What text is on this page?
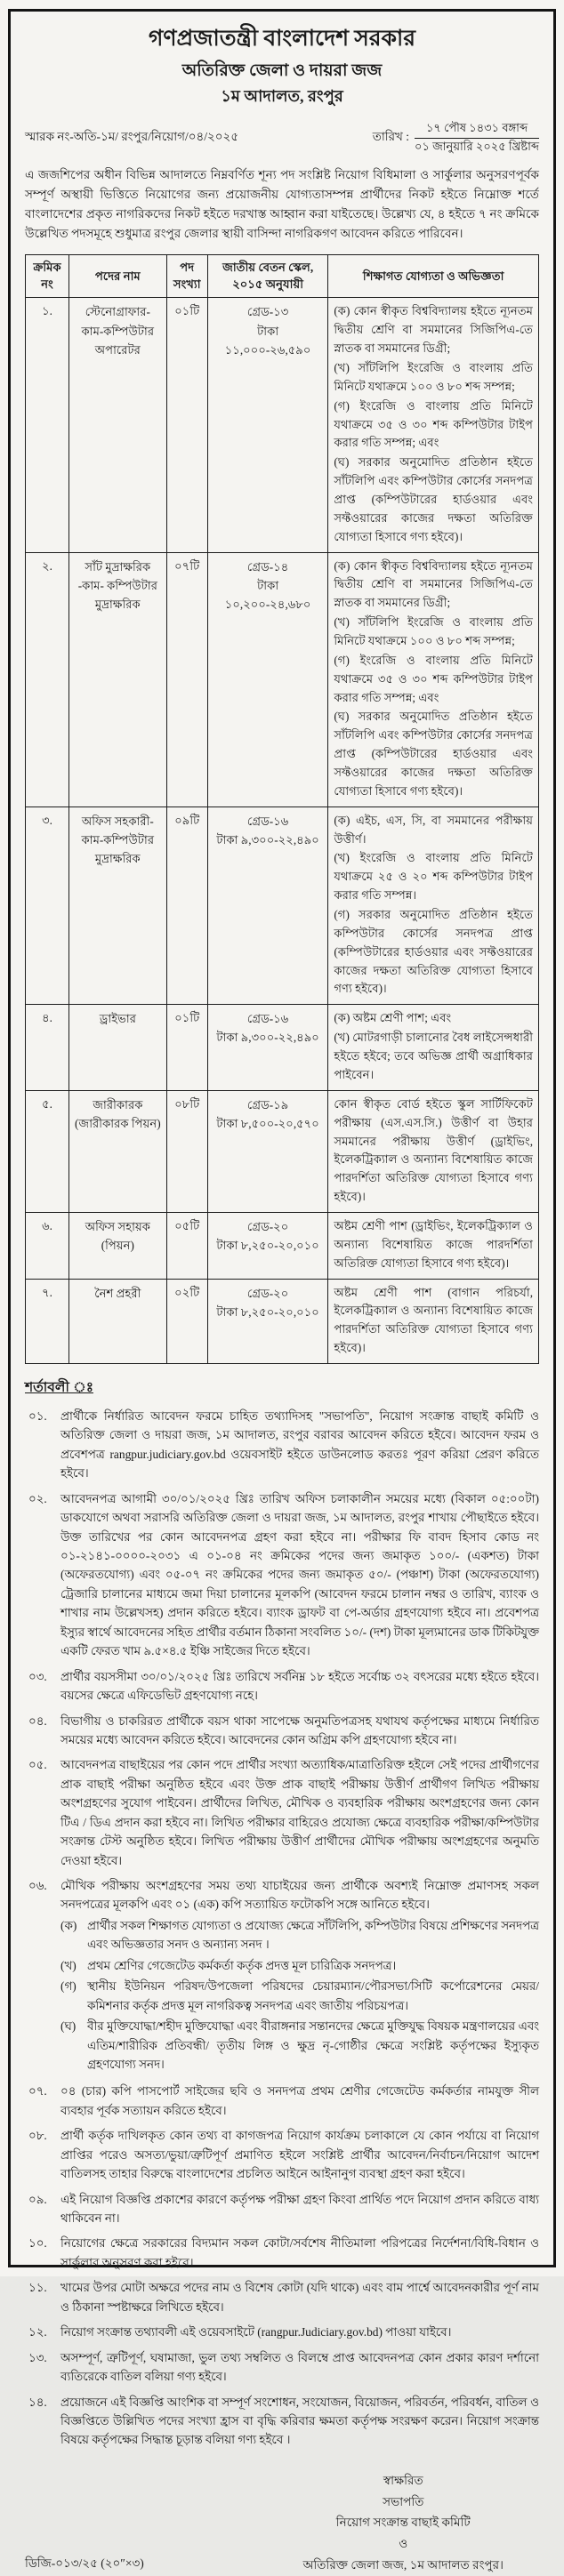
গণপ্রজাতন্ত্রী বাংলাদেশ সরকার
অতিরিক্ত জেলা ও দায়রা জজ
১ম আদালত, রংপুর
স্মারক নং-অতি-১ম/ রংপুর/নিয়োগ/০৪/২০২৫	তারিখ : $\frac{\text{১৭ পৌষ ১৪৩১ বঙ্গাব্দ}}{\text{০১ জানুয়ারি ২০২৫ খ্রিষ্টাব্দ}}$

এ জজশিপের অধীন বিভিন্ন আদালতে নিম্নবর্ণিত শূন্য পদ সংশ্লিষ্ট নিয়োগ বিধিমালা ও সার্কুলার অনুসরণপূর্বক সম্পূর্ণ অস্থায়ী ভিত্তিতে নিয়োগের জন্য প্রয়োজনীয় যোগ্যতাসম্পন্ন প্রার্থীদের নিকট হইতে নিম্নোক্ত শর্তে বাংলাদেশের প্রকৃত নাগরিকদের নিকট হইতে দরখাস্ত আহ্বান করা যাইতেছে। উল্লেখ্য যে, ৪ হইতে ৭ নং ক্রমিকে উল্লেখিত পদসমূহে শুধুমাত্র রংপুর জেলার স্থায়ী বাসিন্দা নাগরিকগণ আবেদন করিতে পারিবেন।

ক্রমিক নং	পদের নাম	পদ সংখ্যা	জাতীয় বেতন স্কেল, ২০১৫ অনুযায়ী	শিক্ষাগত যোগ্যতা ও অভিজ্ঞতা
১.	স্টেনোগ্রাফার-কাম-কম্পিউটার অপারেটর	০১টি	গ্রেড-১৩
টাকা ১১,০০০-২৬,৫৯০

(ক) কোন স্বীকৃত বিশ্ববিদ্যালয় হইতে ন্যূনতম দ্বিতীয় শ্রেণি বা সমমানের সিজিপিএ-তে স্নাতক বা সমমানের ডিগ্রী;
(খ) সাঁটলিপি ইংরেজি ও বাংলায় প্রতি মিনিটে যথাক্রমে ১০০ ও ৮০ শব্দ সম্পন্ন;
(গ) ইংরেজি ও বাংলায় প্রতি মিনিটে যথাক্রমে ৩৫ ও ৩০ শব্দ কম্পিউটার টাইপ করার গতি সম্পন্ন; এবং
(ঘ) সরকার অনুমোদিত প্রতিষ্ঠান হইতে সাঁটলিপি এবং কম্পিউটার কোর্সের সনদপত্র প্রাপ্ত (কম্পিউটারের হার্ডওয়ার এবং সফ্টওয়ারের কাজের দক্ষতা অতিরিক্ত যোগ্যতা হিসাবে গণ্য হইবে)।

২.	সাঁট মুদ্রাক্ষরিক -কাম- কম্পিউটার মুদ্রাক্ষরিক	০৭টি	গ্রেড-১৪
টাকা ১০,২০০-২৪,৬৮০

(ক) কোন স্বীকৃত বিশ্ববিদ্যালয় হইতে ন্যূনতম দ্বিতীয় শ্রেণি বা সমমানের সিজিপিএ-তে স্নাতক বা সমমানের ডিগ্রী;
(খ) সাঁটলিপি ইংরেজি ও বাংলায় প্রতি মিনিটে যথাক্রমে ১০০ ও ৮০ শব্দ সম্পন্ন;
(গ) ইংরেজি ও বাংলায় প্রতি মিনিটে যথাক্রমে ৩৫ ও ৩০ শব্দ কম্পিউটার টাইপ করার গতি সম্পন্ন; এবং
(ঘ) সরকার অনুমোদিত প্রতিষ্ঠান হইতে সাঁটলিপি এবং কম্পিউটার কোর্সের সনদপত্র প্রাপ্ত (কম্পিউটারের হার্ডওয়ার এবং সফ্টওয়ারের কাজের দক্ষতা অতিরিক্ত যোগ্যতা হিসাবে গণ্য হইবে)।

৩.	অফিস সহকারী-কাম-কম্পিউটার মুদ্রাক্ষরিক	০৯টি	গ্রেড-১৬
টাকা ৯,৩০০-২২,৪৯০

(ক) এইচ, এস, সি, বা সমমানের পরীক্ষায় উত্তীর্ণ।
(খ) ইংরেজি ও বাংলায় প্রতি মিনিটে যথাক্রমে ২৫ ও ২০ শব্দ কম্পিউটার টাইপ করার গতি সম্পন্ন।
(গ) সরকার অনুমোদিত প্রতিষ্ঠান হইতে কম্পিউটার কোর্সের সনদপত্র প্রাপ্ত (কম্পিউটারের হার্ডওয়ার এবং সফ্টওয়ারের কাজের দক্ষতা অতিরিক্ত যোগ্যতা হিসাবে গণ্য হইবে)।

৪.	ড্রাইভার	০১টি	গ্রেড-১৬
টাকা ৯,৩০০-২২,৪৯০

(ক) অষ্টম শ্রেণী পাশ; এবং
(খ) মোটরগাড়ী চালানোর বৈধ লাইসেন্সধারী হইতে হইবে; তবে অভিজ্ঞ প্রার্থী অগ্রাধিকার পাইবেন।

৫.	জারীকারক (জারীকারক পিয়ন)	০৮টি	গ্রেড-১৯
টাকা ৮,৫০০-২০,৫৭০	কোন স্বীকৃত বোর্ড হইতে স্কুল সার্টিফিকেট পরীক্ষায় (এস.এস.সি.) উত্তীর্ণ বা উহার সমমানের পরীক্ষায় উত্তীর্ণ (ড্রাইভিং, ইলেকট্রিক্যাল ও অন্যান্য বিশেষায়িত কাজে পারদর্শিতা অতিরিক্ত যোগ্যতা হিসাবে গণ্য হইবে)।

৬.	অফিস সহায়ক (পিয়ন)	০৫টি	গ্রেড-২০
টাকা ৮,২৫০-২০,০১০	অষ্টম শ্রেণী পাশ (ড্রাইভিং, ইলেকট্রিক্যাল ও অন্যান্য বিশেষায়িত কাজে পারদর্শিতা অতিরিক্ত যোগ্যতা হিসাবে গণ্য হইবে)।

৭.	নৈশ প্রহরী	০২টি	গ্রেড-২০
টাকা ৮,২৫০-২০,০১০	অষ্টম শ্রেণী পাশ (বাগান পরিচর্যা, ইলেকট্রিক্যাল ও অন্যান্য বিশেষায়িত কাজে পারদর্শিতা অতিরিক্ত যোগ্যতা হিসাবে গণ্য হইবে)।
শর্তাবলী ঃ
০১.	প্রার্থীকে নির্ধারিত আবেদন ফরমে চাহিত তথ্যাদিসহ "সভাপতি", নিয়োগ সংক্রান্ত বাছাই কমিটি ও অতিরিক্ত জেলা ও দায়রা জজ, ১ম আদালত, রংপুর বরাবর আবেদন করিতে হইবে। আবেদন ফরম ও প্রবেশপত্র rangpur.judiciary.gov.bd ওয়েবসাইট হইতে ডাউনলোড করতঃ পূরণ করিয়া প্রেরণ করিতে হইবে।
০২.	আবেদনপত্র আগামী ৩০/০১/২০২৫ খ্রিঃ তারিখ অফিস চলাকালীন সময়ের মধ্যে (বিকাল ০৫:০০টা) ডাকযোগে অথবা সরাসরি অতিরিক্ত জেলা ও দায়রা জজ, ১ম আদালত, রংপুর শাখায় পৌছাইতে হইবে। উক্ত তারিখের পর কোন আবেদনপত্র গ্রহণ করা হইবে না। পরীক্ষার ফি বাবদ হিসাব কোড নং ০১-২১৪১-০০০০-২০৩১ এ ০১-০৪ নং ক্রমিকের পদের জন্য জমাকৃত ১০০/- (একশত) টাকা (অফেরতযোগ্য) এবং ০৫-০৭ নং ক্রমিকের পদের জন্য জমাকৃত ৫০/- (পঞ্চাশ) টাকা (অফেরতযোগ্য) ট্রেজারি চালানের মাধ্যমে জমা দিয়া চালানের মূলকপি (আবেদন ফরমে চালান নম্বর ও তারিখ, ব্যাংক ও শাখার নাম উল্লেখসহ) প্রদান করিতে হইবে। ব্যাংক ড্রাফট বা পে-অর্ডার গ্রহণযোগ্য হইবে না। প্রবেশপত্র ইস্যুর স্বার্থে আবেদনের সহিত প্রার্থীর বর্তমান ঠিকানা সংবলিত ১০/- (দশ) টাকা মূল্যমানের ডাক টিকিটযুক্ত একটি ফেরত খাম ৯.৫×৪.৫ ইঞ্চি সাইজের দিতে হইবে।
০৩.	প্রার্থীর বয়সসীমা ৩০/০১/২০২৫ খ্রিঃ তারিখে সর্বনিম্ন ১৮ হইতে সর্বোচ্চ ৩২ বৎসরের মধ্যে হইতে হইবে। বয়সের ক্ষেত্রে এফিডেভিট গ্রহণযোগ্য নহে।
০৪.	বিভাগীয় ও চাকরিরত প্রার্থীকে বয়স থাকা সাপেক্ষে অনুমতিপত্রসহ যথাযথ কর্তৃপক্ষের মাধ্যমে নির্ধারিত সময়ের মধ্যে আবেদন করিতে হইবে। আবেদনের কোন অগ্রিম কপি গ্রহণযোগ্য হইবে না।
০৫.	আবেদনপত্র বাছাইয়ের পর কোন পদে প্রার্থীর সংখ্যা অত্যাধিক/মাত্রাতিরিক্ত হইলে সেই পদের প্রার্থীগণের প্রাক বাছাই পরীক্ষা অনুষ্ঠিত হইবে এবং উক্ত প্রাক বাছাই পরীক্ষায় উত্তীর্ণ প্রার্থীগণ লিখিত পরীক্ষায় অংশগ্রহণের সুযোগ পাইবেন। প্রার্থীদের লিখিত, মৌখিক ও ব্যবহারিক পরীক্ষায় অংশগ্রহণের জন্য কোন টিএ / ডিএ প্রদান করা হইবে না। লিখিত পরীক্ষার বাহিরেও প্রযোজ্য ক্ষেত্রে ব্যবহারিক পরীক্ষা/কম্পিউটার সংক্রান্ত টেস্ট অনুষ্ঠিত হইবে। লিখিত পরীক্ষায় উত্তীর্ণ প্রার্থীদের মৌখিক পরীক্ষায় অংশগ্রহণের অনুমতি দেওয়া হইবে।
০৬.	মৌখিক পরীক্ষায় অংশগ্রহণের সময় তথ্য যাচাইয়ের জন্য প্রার্থীকে অবশ্যই নিম্নোক্ত প্রমাণসহ সকল সনদপত্রের মূলকপি এবং ০১ (এক) কপি সত্যায়িত ফটোকপি সঙ্গে আনিতে হইবে।
(ক) প্রার্থীর সকল শিক্ষাগত যোগ্যতা ও প্রযোজ্য ক্ষেত্রে সাঁটলিপি, কম্পিউটার বিষয়ে প্রশিক্ষণের সনদপত্র এবং অভিজ্ঞতার সনদ ও অন্যান্য সনদ ।
(খ) প্রথম শ্রেণির গেজেটেড কর্মকর্তা কর্তৃক প্রদত্ত মূল চারিত্রিক সনদপত্র।
(গ) স্থানীয় ইউনিয়ন পরিষদ/উপজেলা পরিষদের চেয়ারম্যান/পৌরসভা/সিটি কর্পোরেশনের মেয়র/কমিশনার কর্তৃক প্রদত্ত মূল নাগরিকত্ব সনদপত্র এবং জাতীয় পরিচয়পত্র।
(ঘ) বীর মুক্তিযোদ্ধা/শহীদ মুক্তিযোদ্ধা এবং বীরাঙ্গনার সন্তানদের ক্ষেত্রে মুক্তিযুদ্ধ বিষয়ক মন্ত্রণালয়ের এবং এতিম/শারীরিক প্রতিবন্ধী/ তৃতীয় লিঙ্গ ও ক্ষুদ্র নৃ-গোষ্ঠীর ক্ষেত্রে সংশ্লিষ্ট কর্তৃপক্ষের ইস্যুকৃত গ্রহণযোগ্য সনদ।
০৭.	০৪ (চার) কপি পাসপোর্ট সাইজের ছবি ও সনদপত্র প্রথম শ্রেণীর গেজেটেড কর্মকর্তার নামযুক্ত সীল ব্যবহার পূর্বক সত্যায়ন করিতে হইবে।
০৮.	প্রার্থী কর্তৃক দাখিলকৃত কোন তথ্য বা কাগজপত্র নিয়োগ কার্যক্রম চলাকালে যে কোন পর্যায়ে বা নিয়োগ প্রাপ্তির পরেও অসত্য/ভুয়া/ত্রুটিপূর্ণ প্রমাণিত হইলে সংশ্লিষ্ট প্রার্থীর আবেদন/নির্বাচন/নিয়োগ আদেশ বাতিলসহ তাহার বিরুদ্ধে বাংলাদেশের প্রচলিত আইনে আইনানুগ ব্যবস্থা গ্রহণ করা হইবে।
০৯.	এই নিয়োগ বিজ্ঞপ্তি প্রকাশের কারণে কর্তৃপক্ষ পরীক্ষা গ্রহণ কিংবা প্রার্থিত পদে নিয়োগ প্রদান করিতে বাধ্য থাকিবেন না।
১০.	নিয়োগের ক্ষেত্রে সরকারের বিদ্যমান সকল কোটা/সর্বশেষ নীতিমালা পরিপত্রের নির্দেশনা/বিধি-বিধান ও সার্কুলার অনুসরণ করা হইবে।
১১.	খামের উপর মোটা অক্ষরে পদের নাম ও বিশেষ কোটা (যদি থাকে) এবং বাম পার্শ্বে আবেদনকারীর পূর্ণ নাম ও ঠিকানা স্পষ্টাক্ষরে লিখিতে হইবে।
১২.	নিয়োগ সংক্রান্ত তথ্যাবলী এই ওয়েবসাইটে (rangpur.Judiciary.gov.bd) পাওয়া যাইবে।
১৩.	অসম্পূর্ণ, ত্রুটিপূর্ণ, ঘষামাজা, ভুল তথ্য সম্বলিত ও বিলম্বে প্রাপ্ত আবেদনপত্র কোন প্রকার কারণ দর্শানো ব্যতিরেকে বাতিল বলিয়া গণ্য হইবে।
১৪.	প্রয়োজনে এই বিজ্ঞপ্তি আংশিক বা সম্পূর্ণ সংশোধন, সংযোজন, বিয়োজন, পরিবর্তন, পরিবর্ধন, বাতিল ও বিজ্ঞপ্তিতে উল্লিখিত পদের সংখ্যা হ্রাস বা বৃদ্ধি করিবার ক্ষমতা কর্তৃপক্ষ সংরক্ষণ করেন। নিয়োগ সংক্রান্ত বিষয়ে কর্তৃপক্ষের সিদ্ধান্ত চূড়ান্ত বলিয়া গণ্য হইবে ।
ডিজি-০১৩/২৫ (২০″×৩)
স্বাক্ষরিত
সভাপতি
নিয়োগ সংক্রান্ত বাছাই কমিটি
ও
অতিরিক্ত জেলা জজ, ১ম আদালত রংপুর।
